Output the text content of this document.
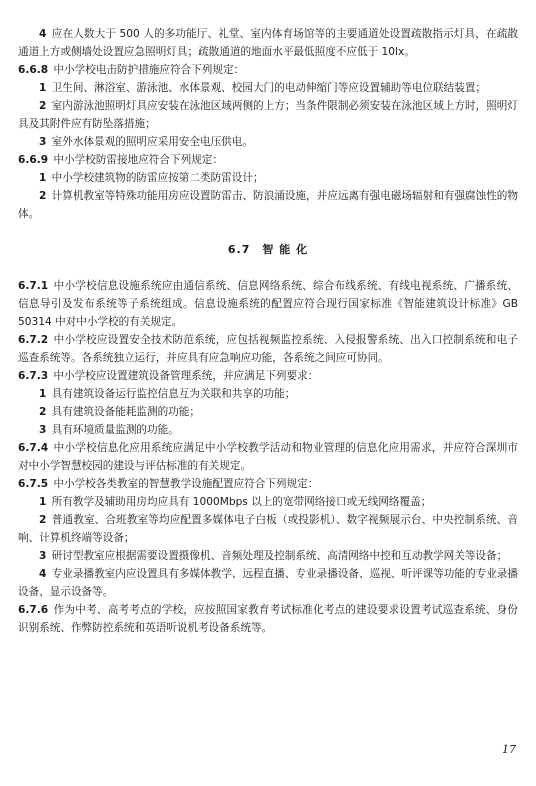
4  应在人数大于 500 人的多功能厅、礼堂、室内体育场馆等的主要通道处设置疏散指示灯具，在疏散通道上方或侧墙处设置应急照明灯具；疏散通道的地面水平最低照度不应低于 10lx。
6.6.8  中小学校电击防护措施应符合下列规定：
1  卫生间、淋浴室、游泳池、水体景观、校园大门的电动伸缩门等应设置辅助等电位联结装置；
2  室内游泳池照明灯具应安装在泳池区域两侧的上方；当条件限制必须安装在泳池区域上方时，照明灯具及其附件应有防坠落措施；
3  室外水体景观的照明应采用安全电压供电。
6.6.9  中小学校防雷接地应符合下列规定：
1  中小学校建筑物的防雷应按第二类防雷设计；
2  计算机教室等特殊功能用房应设置防雷击、防浪涌设施，并应远离有强电磁场辐射和有强腐蚀性的物体。
6.7  智 能 化
6.7.1  中小学校信息设施系统应由通信系统、信息网络系统、综合布线系统、有线电视系统、广播系统、信息导引及发布系统等子系统组成。信息设施系统的配置应符合现行国家标准《智能建筑设计标准》GB 50314 中对中小学校的有关规定。
6.7.2  中小学校应设置安全技术防范系统，应包括视频监控系统、入侵报警系统、出入口控制系统和电子巡查系统等。各系统独立运行，并应具有应急响应功能，各系统之间应可协同。
6.7.3  中小学校应设置建筑设备管理系统，并应满足下列要求：
1  具有建筑设备运行监控信息互为关联和共享的功能；
2  具有建筑设备能耗监测的功能；
3  具有环境质量监测的功能。
6.7.4  中小学校信息化应用系统应满足中小学校教学活动和物业管理的信息化应用需求，并应符合深圳市对中小学智慧校园的建设与评估标准的有关规定。
6.7.5  中小学校各类教室的智慧教学设施配置应符合下列规定：
1  所有教学及辅助用房均应具有 1000Mbps 以上的宽带网络接口或无线网络覆盖；
2  普通教室、合班教室等均应配置多媒体电子白板（或投影机）、数字视频展示台、中央控制系统、音响、计算机终端等设备；
3  研讨型教室应根据需要设置摄像机、音频处理及控制系统、高清网络中控和互动教学网关等设备；
4  专业录播教室内应设置具有多媒体教学、远程直播、专业录播设备、巡视、听评课等功能的专业录播设备、显示设备等。
6.7.6  作为中考、高考考点的学校，应按照国家教育考试标准化考点的建设要求设置考试巡查系统、身份识别系统、作弊防控系统和英语听说机考设备系统等。
17
